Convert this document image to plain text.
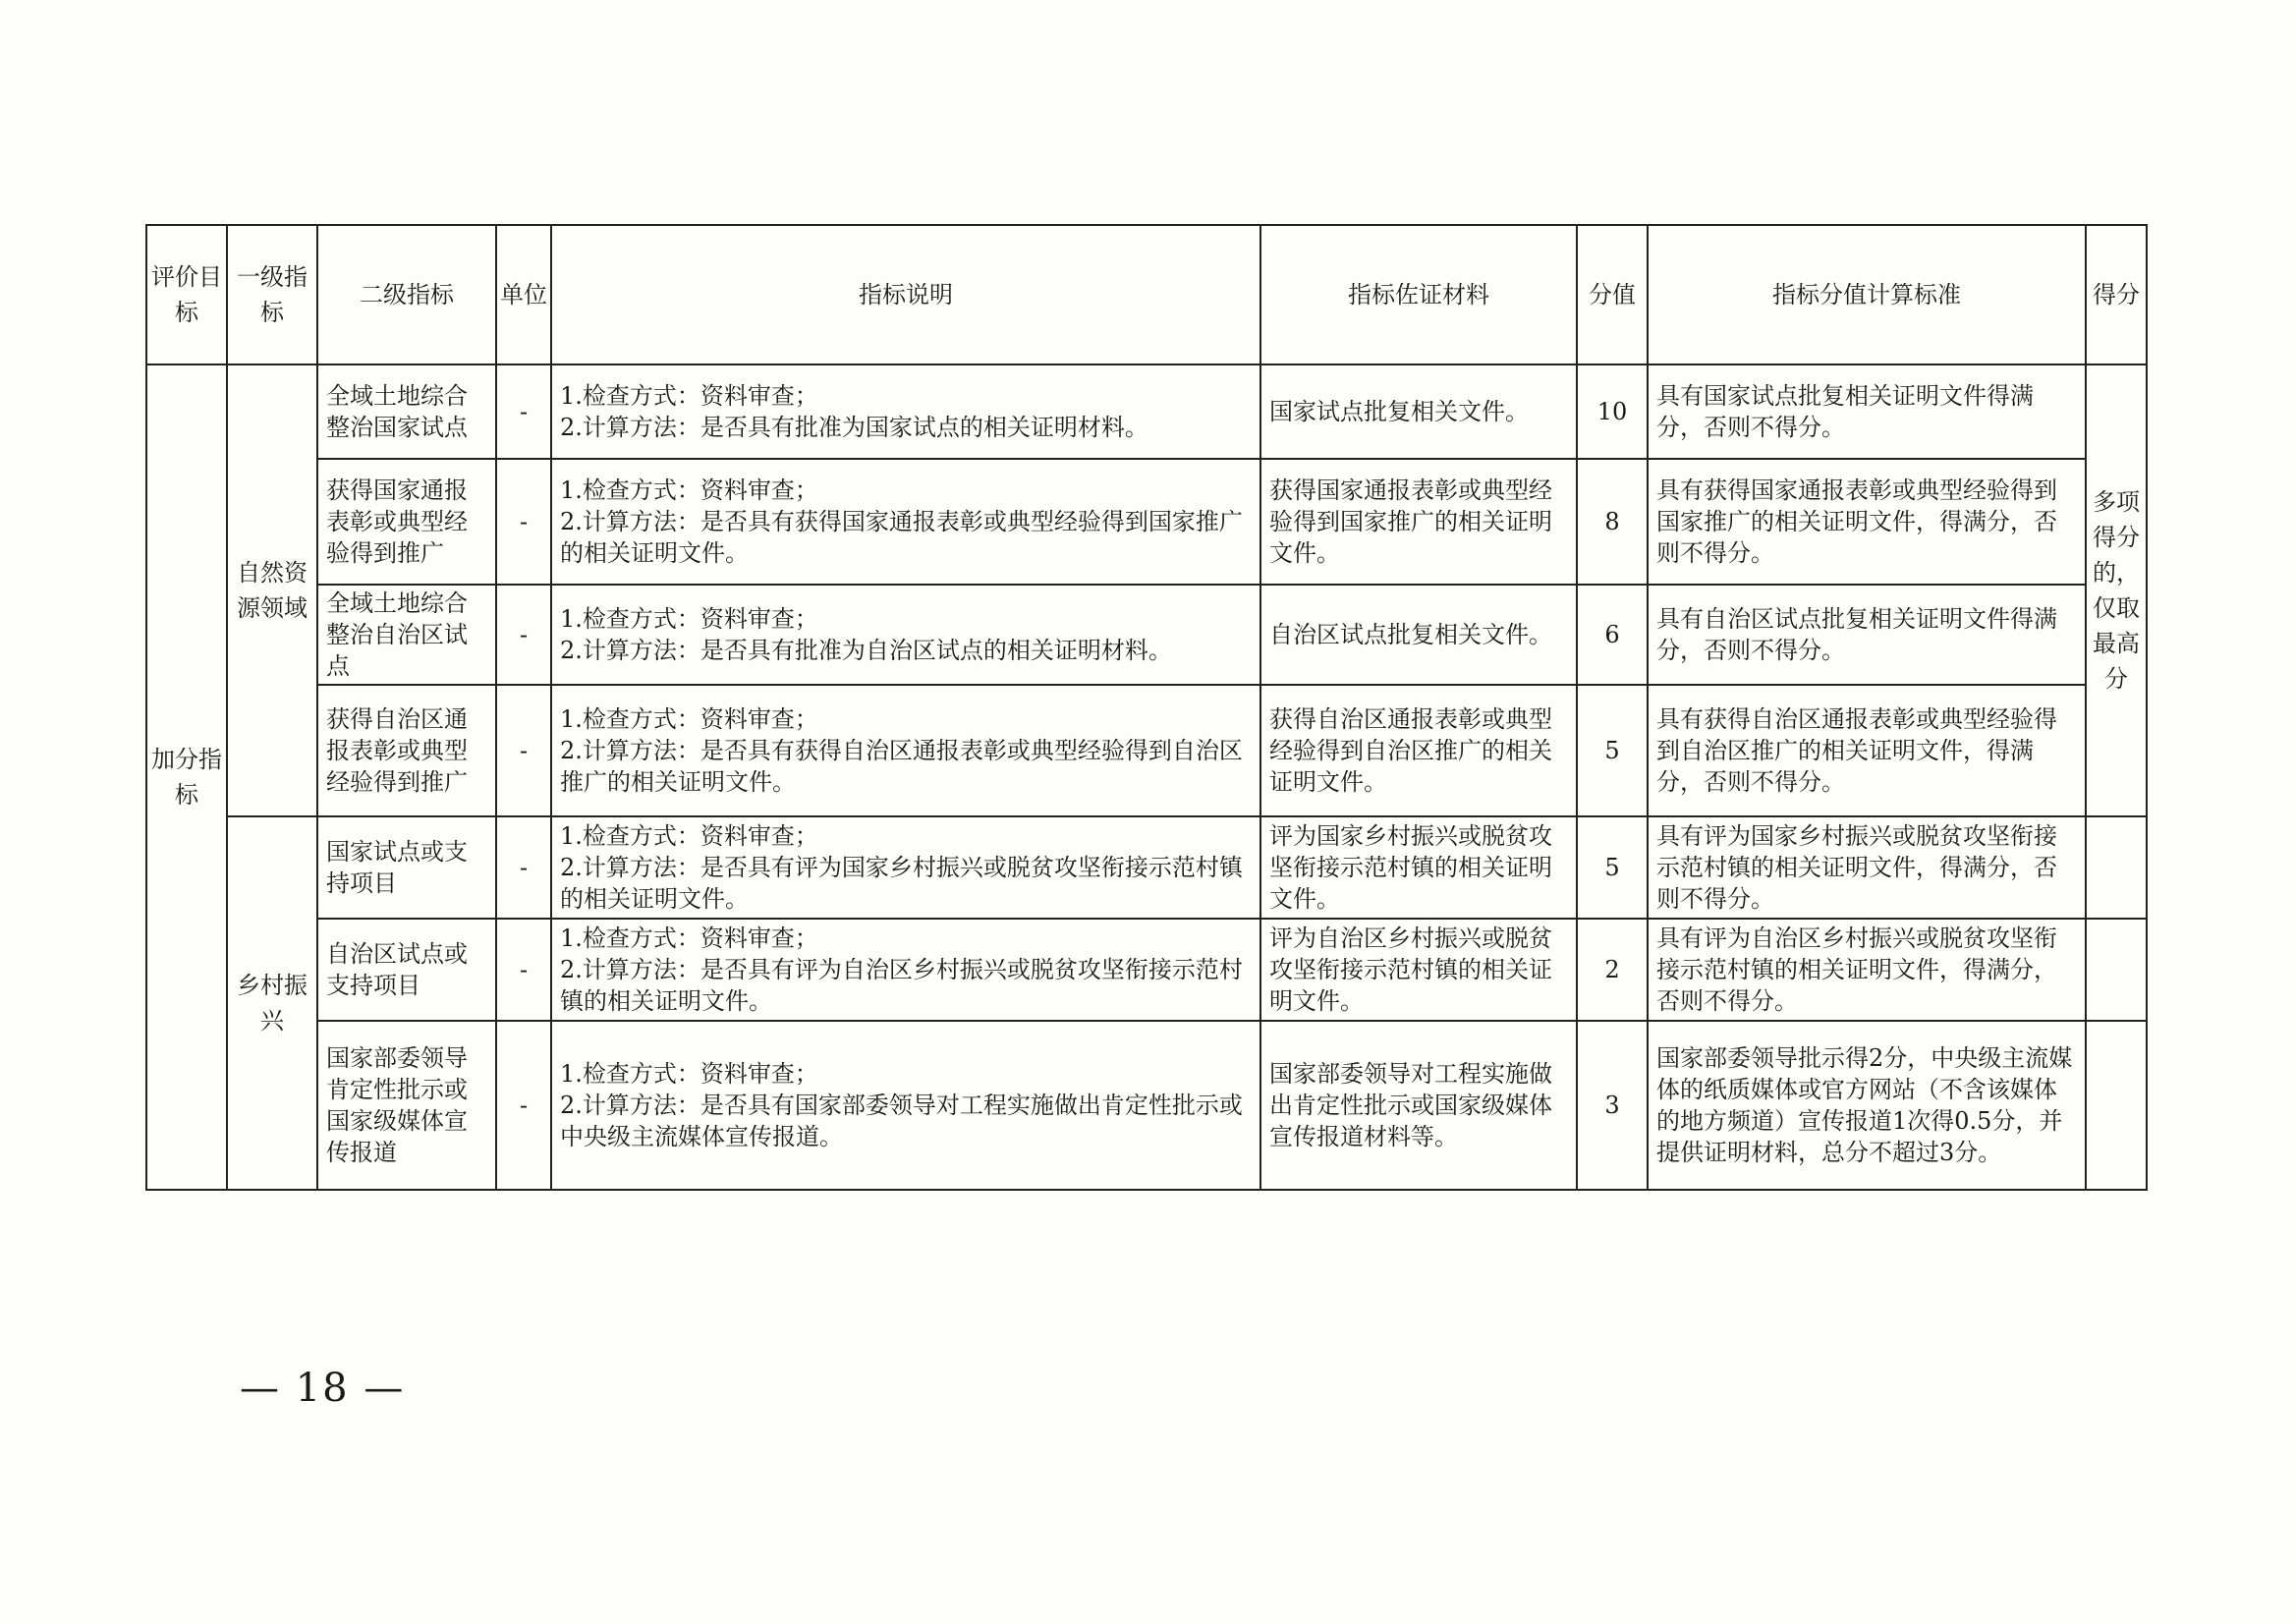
评价目标	一级指标	二级指标	单位	指标说明	指标佐证材料	分值	指标分值计算标准	得分
加分指标	自然资源领域	全域土地综合整治国家试点	-	1.检查方式：资料审查；
2.计算方法：是否具有批准为国家试点的相关证明材料。	国家试点批复相关文件。	10	具有国家试点批复相关证明文件得满分，否则不得分。	多项得分的，仅取最高分
		获得国家通报表彰或典型经验得到推广	-	1.检查方式：资料审查；
2.计算方法：是否具有获得国家通报表彰或典型经验得到国家推广的相关证明文件。	获得国家通报表彰或典型经验得到国家推广的相关证明文件。	8	具有获得国家通报表彰或典型经验得到国家推广的相关证明文件，得满分，否则不得分。	
		全域土地综合整治自治区试点	-	1.检查方式：资料审查；
2.计算方法：是否具有批准为自治区试点的相关证明材料。	自治区试点批复相关文件。	6	具有自治区试点批复相关证明文件得满分，否则不得分。	
		获得自治区通报表彰或典型经验得到推广	-	1.检查方式：资料审查；
2.计算方法：是否具有获得自治区通报表彰或典型经验得到自治区推广的相关证明文件。	获得自治区通报表彰或典型经验得到自治区推广的相关证明文件。	5	具有获得自治区通报表彰或典型经验得到自治区推广的相关证明文件，得满分，否则不得分。	
	乡村振兴	国家试点或支持项目	-	1.检查方式：资料审查；
2.计算方法：是否具有评为国家乡村振兴或脱贫攻坚衔接示范村镇的相关证明文件。	评为国家乡村振兴或脱贫攻坚衔接示范村镇的相关证明文件。	5	具有评为国家乡村振兴或脱贫攻坚衔接示范村镇的相关证明文件，得满分，否则不得分。	
		自治区试点或支持项目	-	1.检查方式：资料审查；
2.计算方法：是否具有评为自治区乡村振兴或脱贫攻坚衔接示范村镇的相关证明文件。	评为自治区乡村振兴或脱贫攻坚衔接示范村镇的相关证明文件。	2	具有评为自治区乡村振兴或脱贫攻坚衔接示范村镇的相关证明文件，得满分，否则不得分。	
		国家部委领导肯定性批示或国家级媒体宣传报道	-	1.检查方式：资料审查；
2.计算方法：是否具有国家部委领导对工程实施做出肯定性批示或中央级主流媒体宣传报道。	国家部委领导对工程实施做出肯定性批示或国家级媒体宣传报道材料等。	3	国家部委领导批示得2分，中央级主流媒体的纸质媒体或官方网站（不含该媒体的地方频道）宣传报道1次得0.5分，并提供证明材料，总分不超过3分。	
— 18 —
